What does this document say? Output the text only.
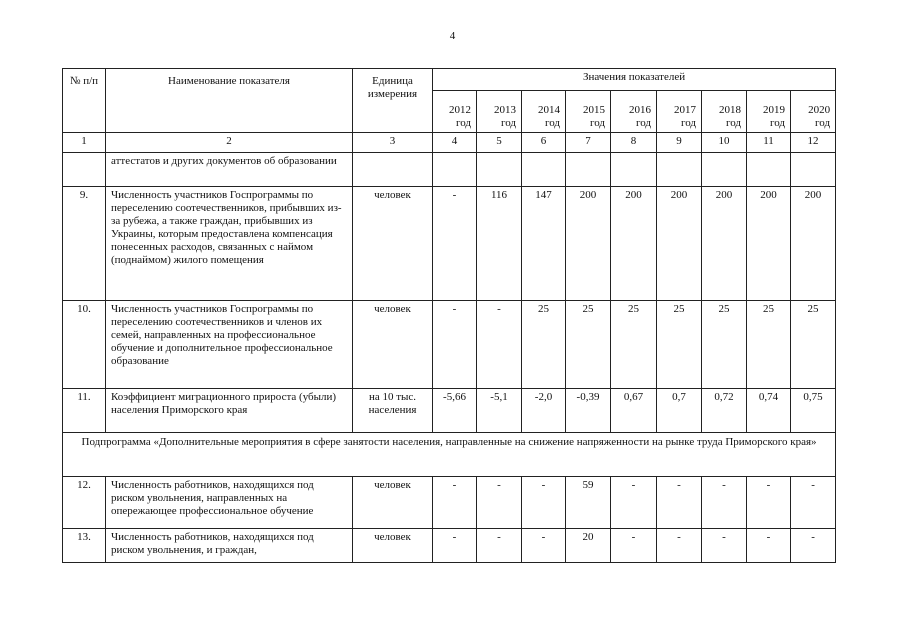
4
№ п/п	Наименование показателя	Единица измерения	Значения показателей								
			2012 год	2013 год	2014 год	2015 год	2016 год	2017 год	2018 год	2019 год	2020 год
1	2	3	4	5	6	7	8	9	10	11	12
	аттестатов и других документов об образовании										
9.	Численность участников Госпрограммы по переселению соотечественников, прибывших из-за рубежа, а также граждан, прибывших из Украины, которым предоставлена компенсация понесенных расходов, связанных с наймом (поднаймом) жилого помещения	человек	-	116	147	200	200	200	200	200	200
10.	Численность участников Госпрограммы по переселению соотечественников и членов их семей, направленных на профессиональное обучение и дополнительное профессиональное образование	человек	-	-	25	25	25	25	25	25	25
11.	Коэффициент миграционного прироста (убыли) населения Приморского края	на 10 тыс. населения	-5,66	-5,1	-2,0	-0,39	0,67	0,7	0,72	0,74	0,75
Подпрограмма «Дополнительные мероприятия в сфере занятости населения, направленные на снижение напряженности на рынке труда Приморского края»											
12.	Численность работников, находящихся под риском увольнения, направленных на опережающее профессиональное обучение	человек	-	-	-	59	-	-	-	-	-
13.	Численность работников, находящихся под риском увольнения, и граждан,	человек	-	-	-	20	-	-	-	-	-
